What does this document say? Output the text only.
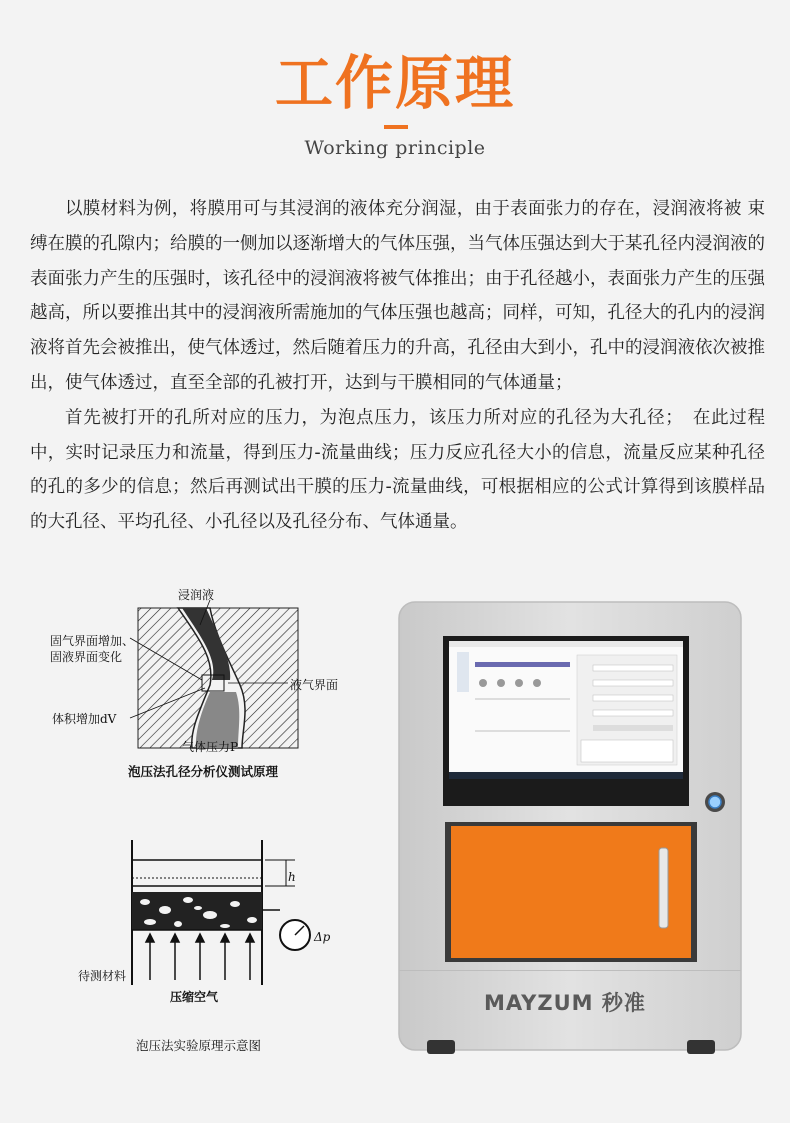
工作原理
Working principle

以膜材料为例，将膜用可与其浸润的液体充分润湿，由于表面张力的存在，浸润液将被 束缚在膜的孔隙内；给膜的一侧加以逐渐增大的气体压强，当气体压强达到大于某孔径内浸润液的表面张力产生的压强时，该孔径中的浸润液将被气体推出；由于孔径越小，表面张力产生的压强越高，所以要推出其中的浸润液所需施加的气体压强也越高；同样，可知，孔径大的孔内的浸润液将首先会被推出，使气体透过，然后随着压力的升高，孔径由大到小，孔中的浸润液依次被推出，使气体透过，直至全部的孔被打开，达到与干膜相同的气体通量；

首先被打开的孔所对应的压力，为泡点压力，该压力所对应的孔径为大孔径；　在此过程中，实时记录压力和流量，得到压力-流量曲线；压力反应孔径大小的信息，流量反应某种孔径的孔的多少的信息；然后再测试出干膜的压力-流量曲线，可根据相应的公式计算得到该膜样品的大孔径、平均孔径、小孔径以及孔径分布、气体通量。

浸润液
固气界面增加、
固液界面变化
液气界面
体积增加dV
气体压力P
泡压法孔径分析仪测试原理
h
Δp
待测材料
压缩空气
泡压法实验原理示意图
MAYZUM 秒准
